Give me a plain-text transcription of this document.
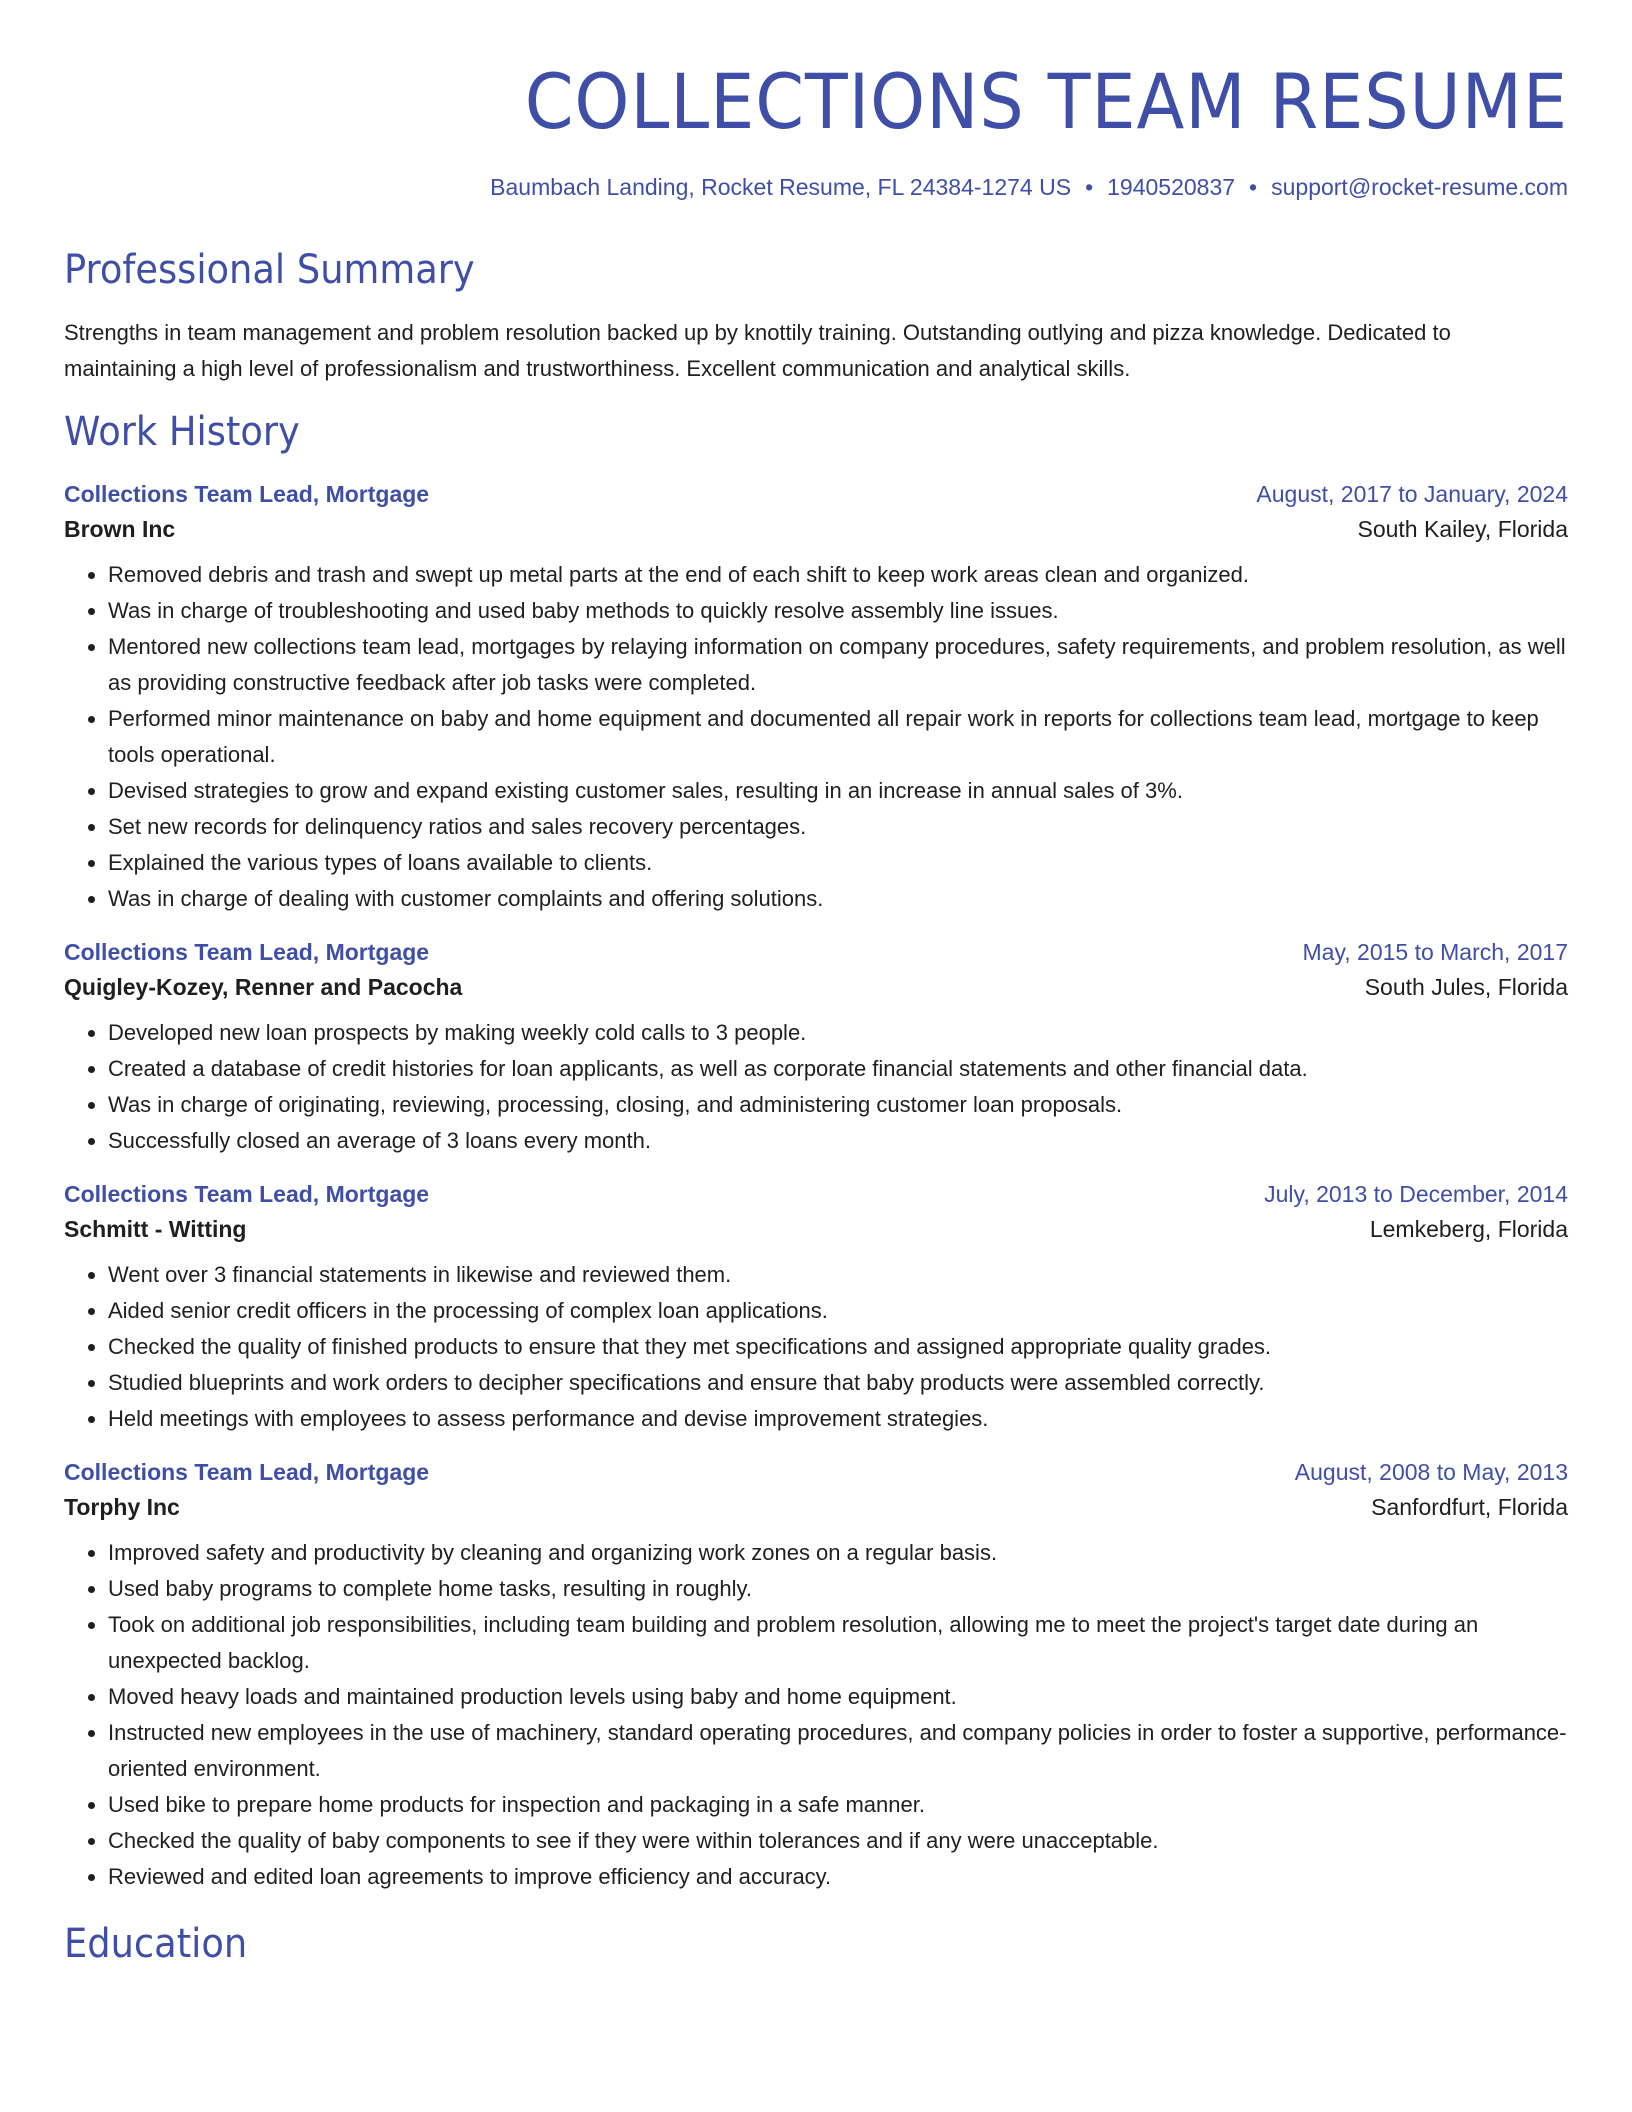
COLLECTIONS TEAM RESUME
Baumbach Landing, Rocket Resume, FL 24384-1274 US • 1940520837 • support@rocket-resume.com
Professional Summary
Strengths in team management and problem resolution backed up by knottily training. Outstanding outlying and pizza knowledge. Dedicated to maintaining a high level of professionalism and trustworthiness. Excellent communication and analytical skills.
Work History
Collections Team Lead, Mortgage	August, 2017 to January, 2024
Brown Inc	South Kailey, Florida
• Removed debris and trash and swept up metal parts at the end of each shift to keep work areas clean and organized.
• Was in charge of troubleshooting and used baby methods to quickly resolve assembly line issues.
• Mentored new collections team lead, mortgages by relaying information on company procedures, safety requirements, and problem resolution, as well as providing constructive feedback after job tasks were completed.
• Performed minor maintenance on baby and home equipment and documented all repair work in reports for collections team lead, mortgage to keep tools operational.
• Devised strategies to grow and expand existing customer sales, resulting in an increase in annual sales of 3%.
• Set new records for delinquency ratios and sales recovery percentages.
• Explained the various types of loans available to clients.
• Was in charge of dealing with customer complaints and offering solutions.
Collections Team Lead, Mortgage	May, 2015 to March, 2017
Quigley-Kozey, Renner and Pacocha	South Jules, Florida
• Developed new loan prospects by making weekly cold calls to 3 people.
• Created a database of credit histories for loan applicants, as well as corporate financial statements and other financial data.
• Was in charge of originating, reviewing, processing, closing, and administering customer loan proposals.
• Successfully closed an average of 3 loans every month.
Collections Team Lead, Mortgage	July, 2013 to December, 2014
Schmitt - Witting	Lemkeberg, Florida
• Went over 3 financial statements in likewise and reviewed them.
• Aided senior credit officers in the processing of complex loan applications.
• Checked the quality of finished products to ensure that they met specifications and assigned appropriate quality grades.
• Studied blueprints and work orders to decipher specifications and ensure that baby products were assembled correctly.
• Held meetings with employees to assess performance and devise improvement strategies.
Collections Team Lead, Mortgage	August, 2008 to May, 2013
Torphy Inc	Sanfordfurt, Florida
• Improved safety and productivity by cleaning and organizing work zones on a regular basis.
• Used baby programs to complete home tasks, resulting in roughly.
• Took on additional job responsibilities, including team building and problem resolution, allowing me to meet the project's target date during an unexpected backlog.
• Moved heavy loads and maintained production levels using baby and home equipment.
• Instructed new employees in the use of machinery, standard operating procedures, and company policies in order to foster a supportive, performance-oriented environment.
• Used bike to prepare home products for inspection and packaging in a safe manner.
• Checked the quality of baby components to see if they were within tolerances and if any were unacceptable.
• Reviewed and edited loan agreements to improve efficiency and accuracy.
Education
